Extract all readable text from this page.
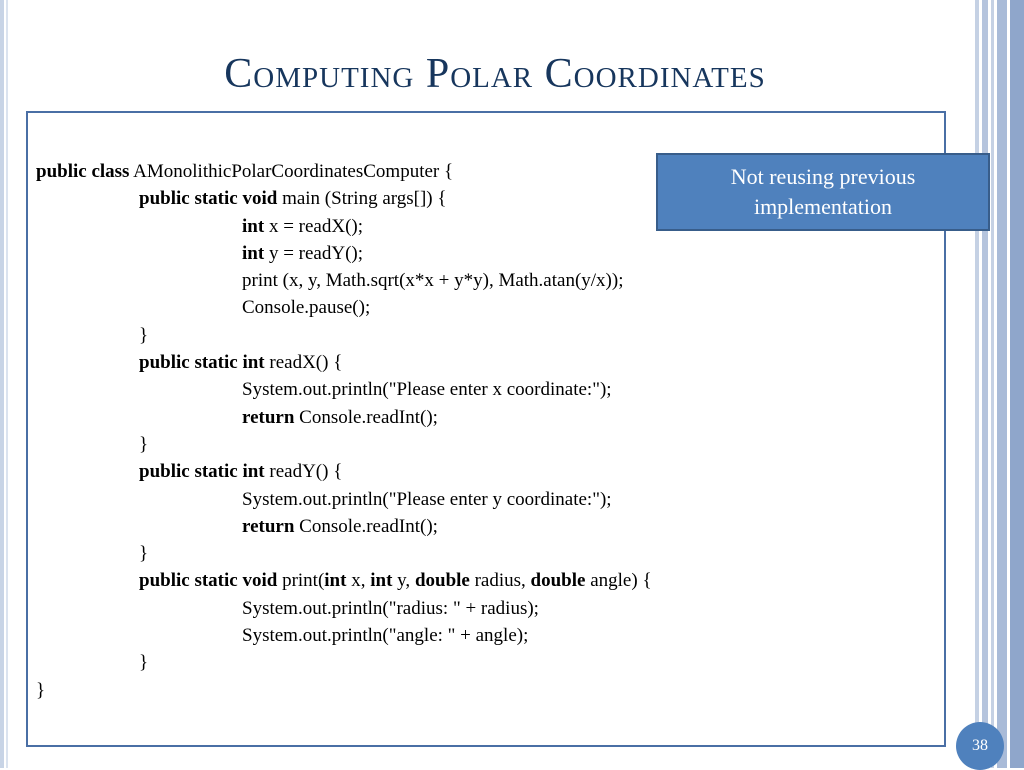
Computing Polar Coordinates
public class AMonolithicPolarCoordinatesComputer {
public static void main (String args[]) {
int x = readX();
int y = readY();
print (x, y, Math.sqrt(x*x + y*y), Math.atan(y/x));
Console.pause();
}
public static int readX() {
System.out.println("Please enter x coordinate:");
return Console.readInt();
}
public static int readY() {
System.out.println("Please enter y coordinate:");
return Console.readInt();
}
public static void print(int x, int y, double radius, double angle) {
System.out.println("radius: " + radius);
System.out.println("angle: " + angle);
}
}
Not reusing previous implementation
38
